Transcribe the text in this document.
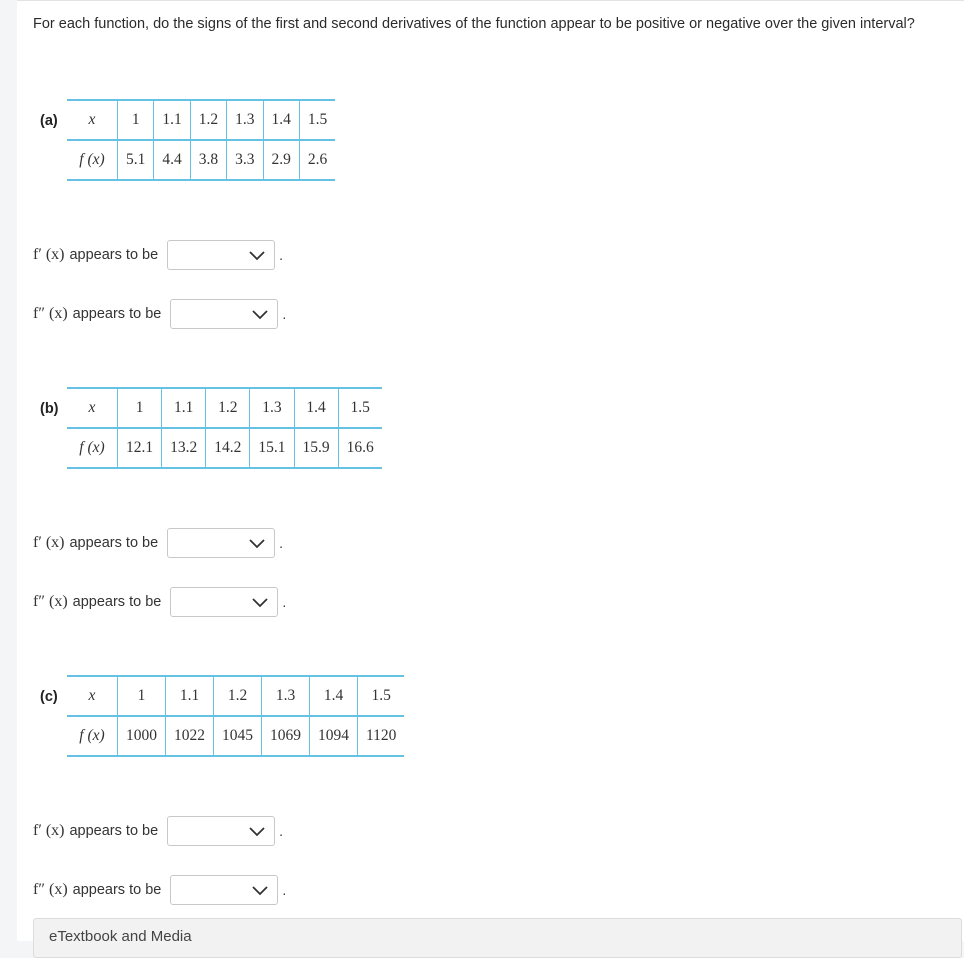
For each function, do the signs of the first and second derivatives of the function appear to be positive or negative over the given interval?
(a) x	1	1.1	1.2	1.3	1.4	1.5
f (x)	5.1	4.4	3.8	3.3	2.9	2.6
f′ (x) appears to be	.
f″ (x) appears to be	.
(b) x	1	1.1	1.2	1.3	1.4	1.5
f (x)	12.1	13.2	14.2	15.1	15.9	16.6
f′ (x) appears to be	.
f″ (x) appears to be	.
(c) x	1	1.1	1.2	1.3	1.4	1.5
f (x)	1000	1022	1045	1069	1094	1120
f′ (x) appears to be	.
f″ (x) appears to be	.
eTextbook and Media
